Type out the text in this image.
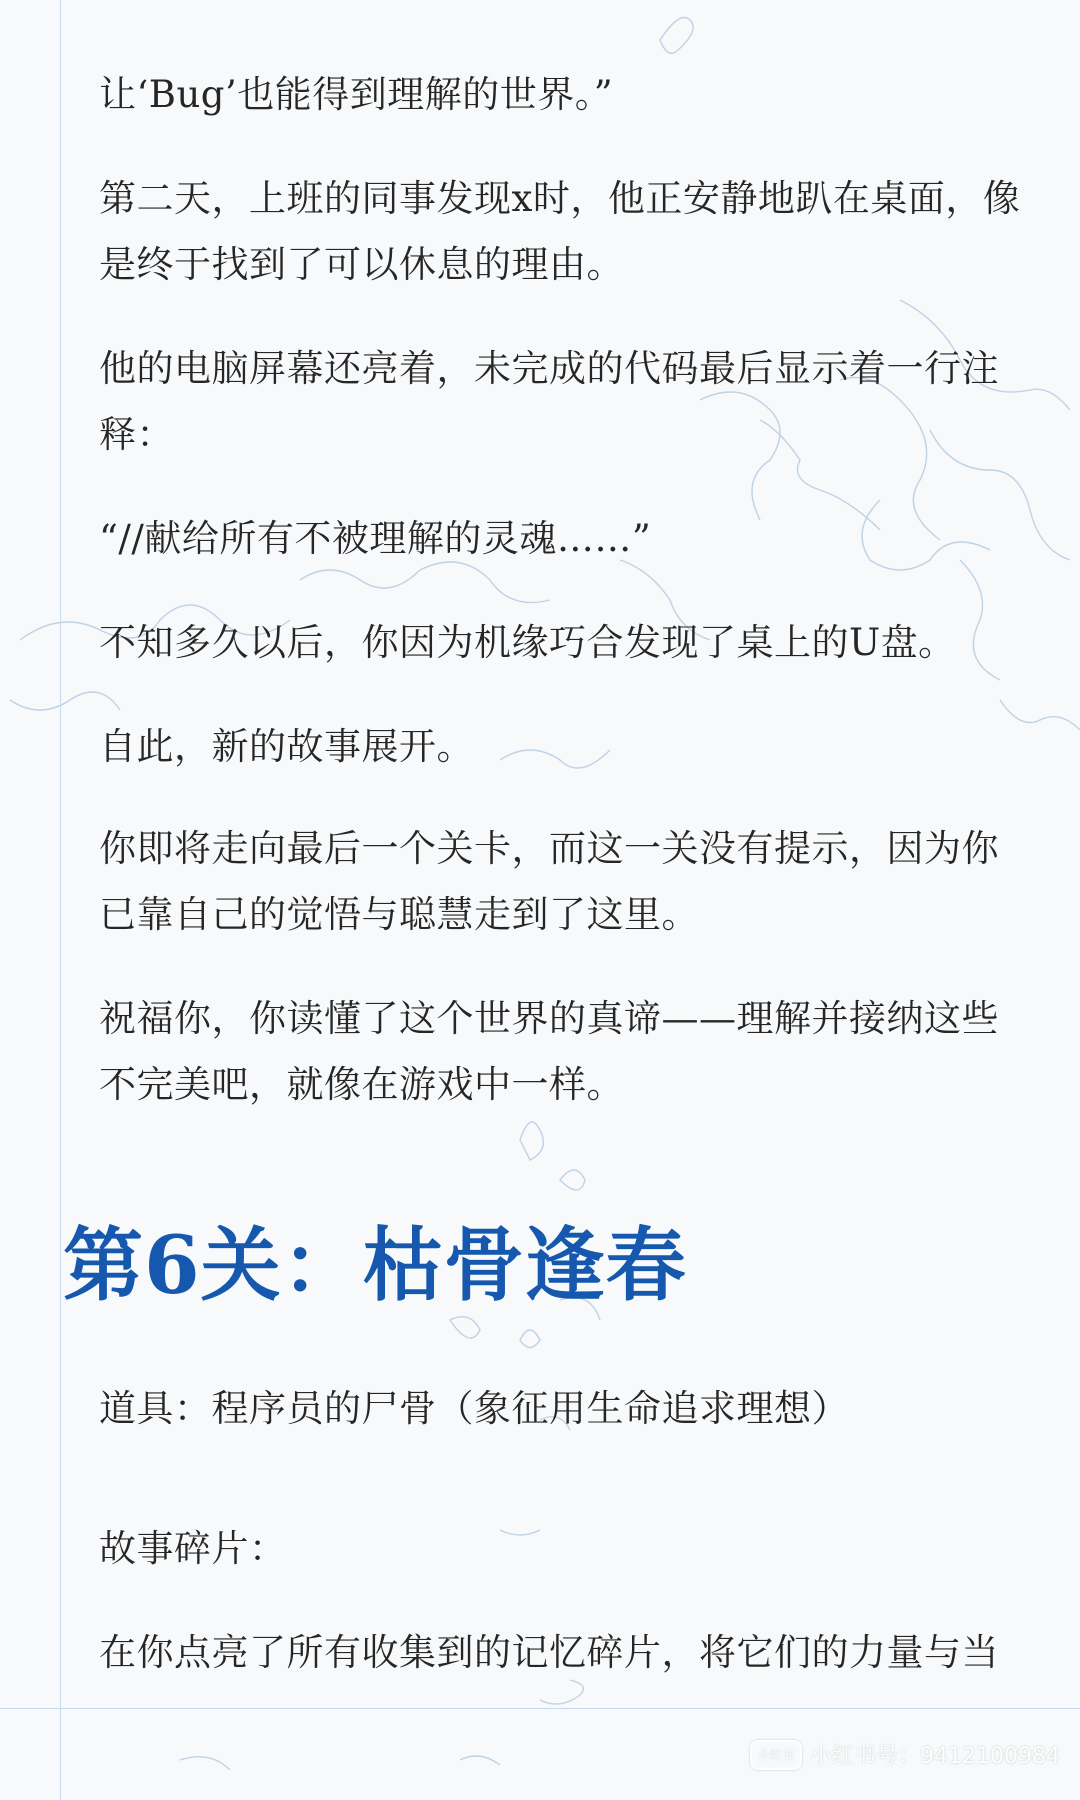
让‘Bug’也能得到理解的世界。”

第二天，上班的同事发现x时，他正安静地趴在桌面，像是终于找到了可以休息的理由。

他的电脑屏幕还亮着，未完成的代码最后显示着一行注释：

“//献给所有不被理解的灵魂……”

不知多久以后，你因为机缘巧合发现了桌上的U盘。

自此，新的故事展开。

你即将走向最后一个关卡，而这一关没有提示，因为你已靠自己的觉悟与聪慧走到了这里。

祝福你，你读懂了这个世界的真谛——理解并接纳这些不完美吧，就像在游戏中一样。

第6关：枯骨逢春

道具：程序员的尸骨（象征用生命追求理想）

故事碎片：

在你点亮了所有收集到的记忆碎片，将它们的力量与当

小红书 小红书号：9412100984
